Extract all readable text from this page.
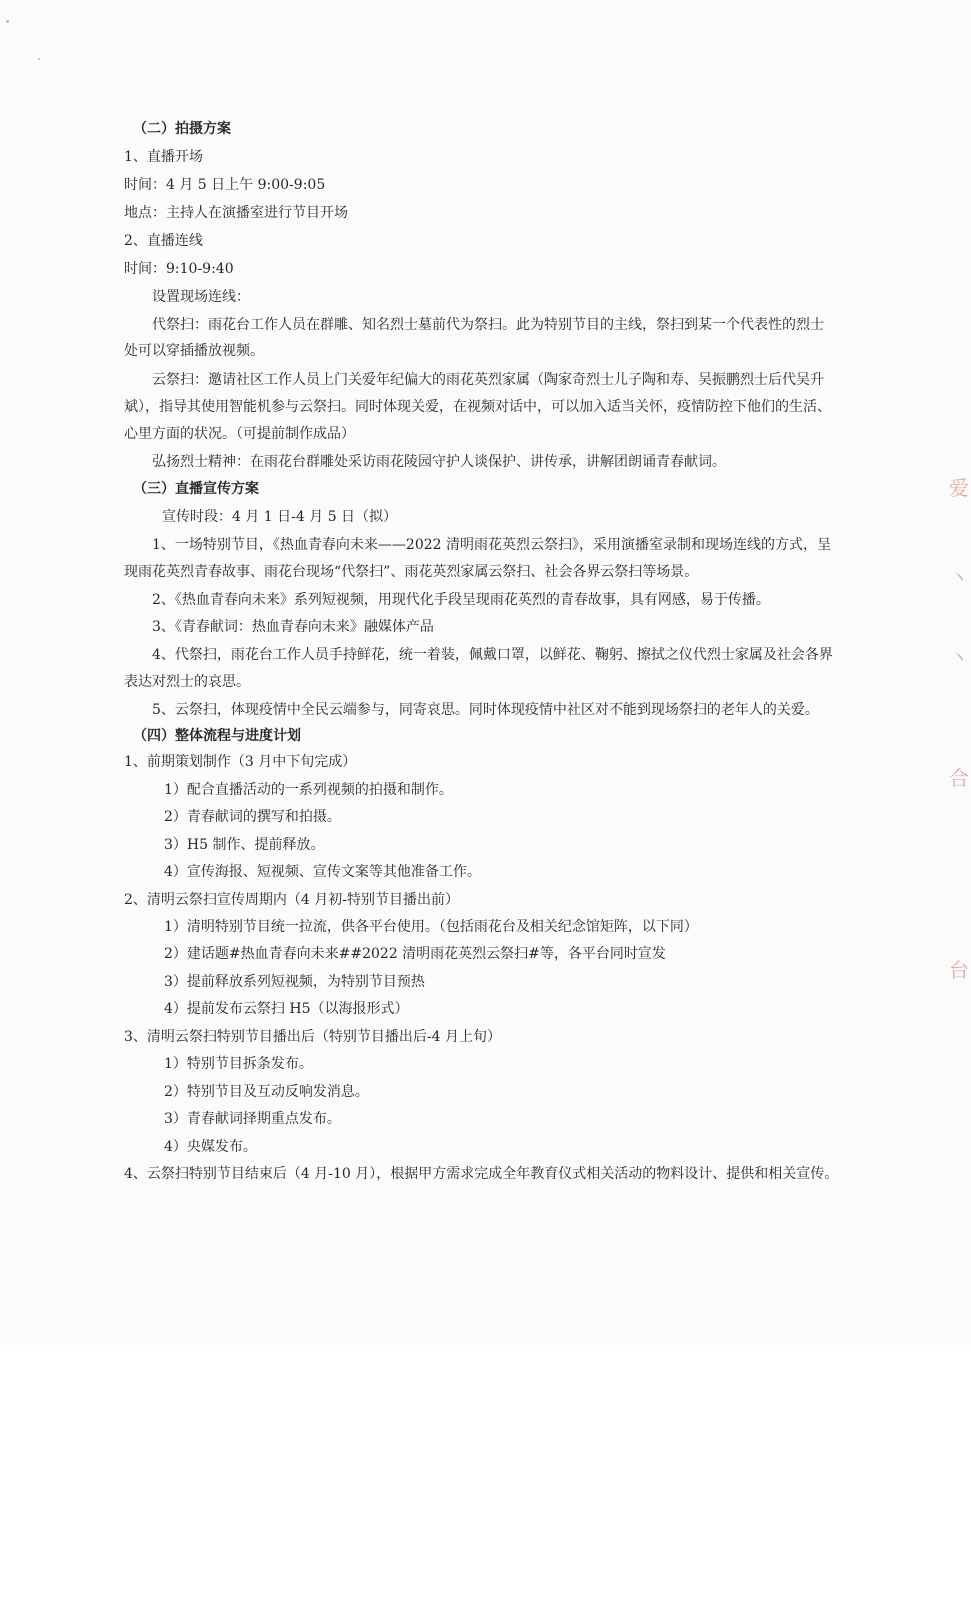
爱
丶
丶
合
台
（二）拍摄方案
1、直播开场
时间：4 月 5 日上午 9:00-9:05
地点：主持人在演播室进行节目开场
2、直播连线
时间：9:10-9:40
设置现场连线：
代祭扫：雨花台工作人员在群雕、知名烈士墓前代为祭扫。此为特别节目的主线，祭扫到某一个代表性的烈士
处可以穿插播放视频。
云祭扫：邀请社区工作人员上门关爱年纪偏大的雨花英烈家属（陶家奇烈士儿子陶和寿、吴振鹏烈士后代吴升
斌），指导其使用智能机参与云祭扫。同时体现关爱，在视频对话中，可以加入适当关怀，疫情防控下他们的生活、
心里方面的状况。（可提前制作成品）
弘扬烈士精神：在雨花台群雕处采访雨花陵园守护人谈保护、讲传承，讲解团朗诵青春献词。
（三）直播宣传方案
宣传时段：4 月 1 日-4 月 5 日（拟）
1、一场特别节目，《热血青春向未来——2022 清明雨花英烈云祭扫》，采用演播室录制和现场连线的方式，呈
现雨花英烈青春故事、雨花台现场“代祭扫”、雨花英烈家属云祭扫、社会各界云祭扫等场景。
2、《热血青春向未来》系列短视频，用现代化手段呈现雨花英烈的青春故事，具有网感，易于传播。
3、《青春献词：热血青春向未来》融媒体产品
4、代祭扫，雨花台工作人员手持鲜花，统一着装，佩戴口罩，以鲜花、鞠躬、擦拭之仪代烈士家属及社会各界
表达对烈士的哀思。
5、云祭扫，体现疫情中全民云端参与，同寄哀思。同时体现疫情中社区对不能到现场祭扫的老年人的关爱。
（四）整体流程与进度计划
1、前期策划制作（3 月中下旬完成）
1）配合直播活动的一系列视频的拍摄和制作。
2）青春献词的撰写和拍摄。
3）H5 制作、提前释放。
4）宣传海报、短视频、宣传文案等其他准备工作。
2、清明云祭扫宣传周期内（4 月初-特别节目播出前）
1）清明特别节目统一拉流，供各平台使用。（包括雨花台及相关纪念馆矩阵，以下同）
2）建话题#热血青春向未来##2022 清明雨花英烈云祭扫#等，各平台同时宣发
3）提前释放系列短视频，为特别节目预热
4）提前发布云祭扫 H5（以海报形式）
3、清明云祭扫特别节目播出后（特别节目播出后-4 月上旬）
1）特别节目拆条发布。
2）特别节目及互动反响发消息。
3）青春献词择期重点发布。
4）央媒发布。
4、云祭扫特别节目结束后（4 月-10 月），根据甲方需求完成全年教育仪式相关活动的物料设计、提供和相关宣传。
